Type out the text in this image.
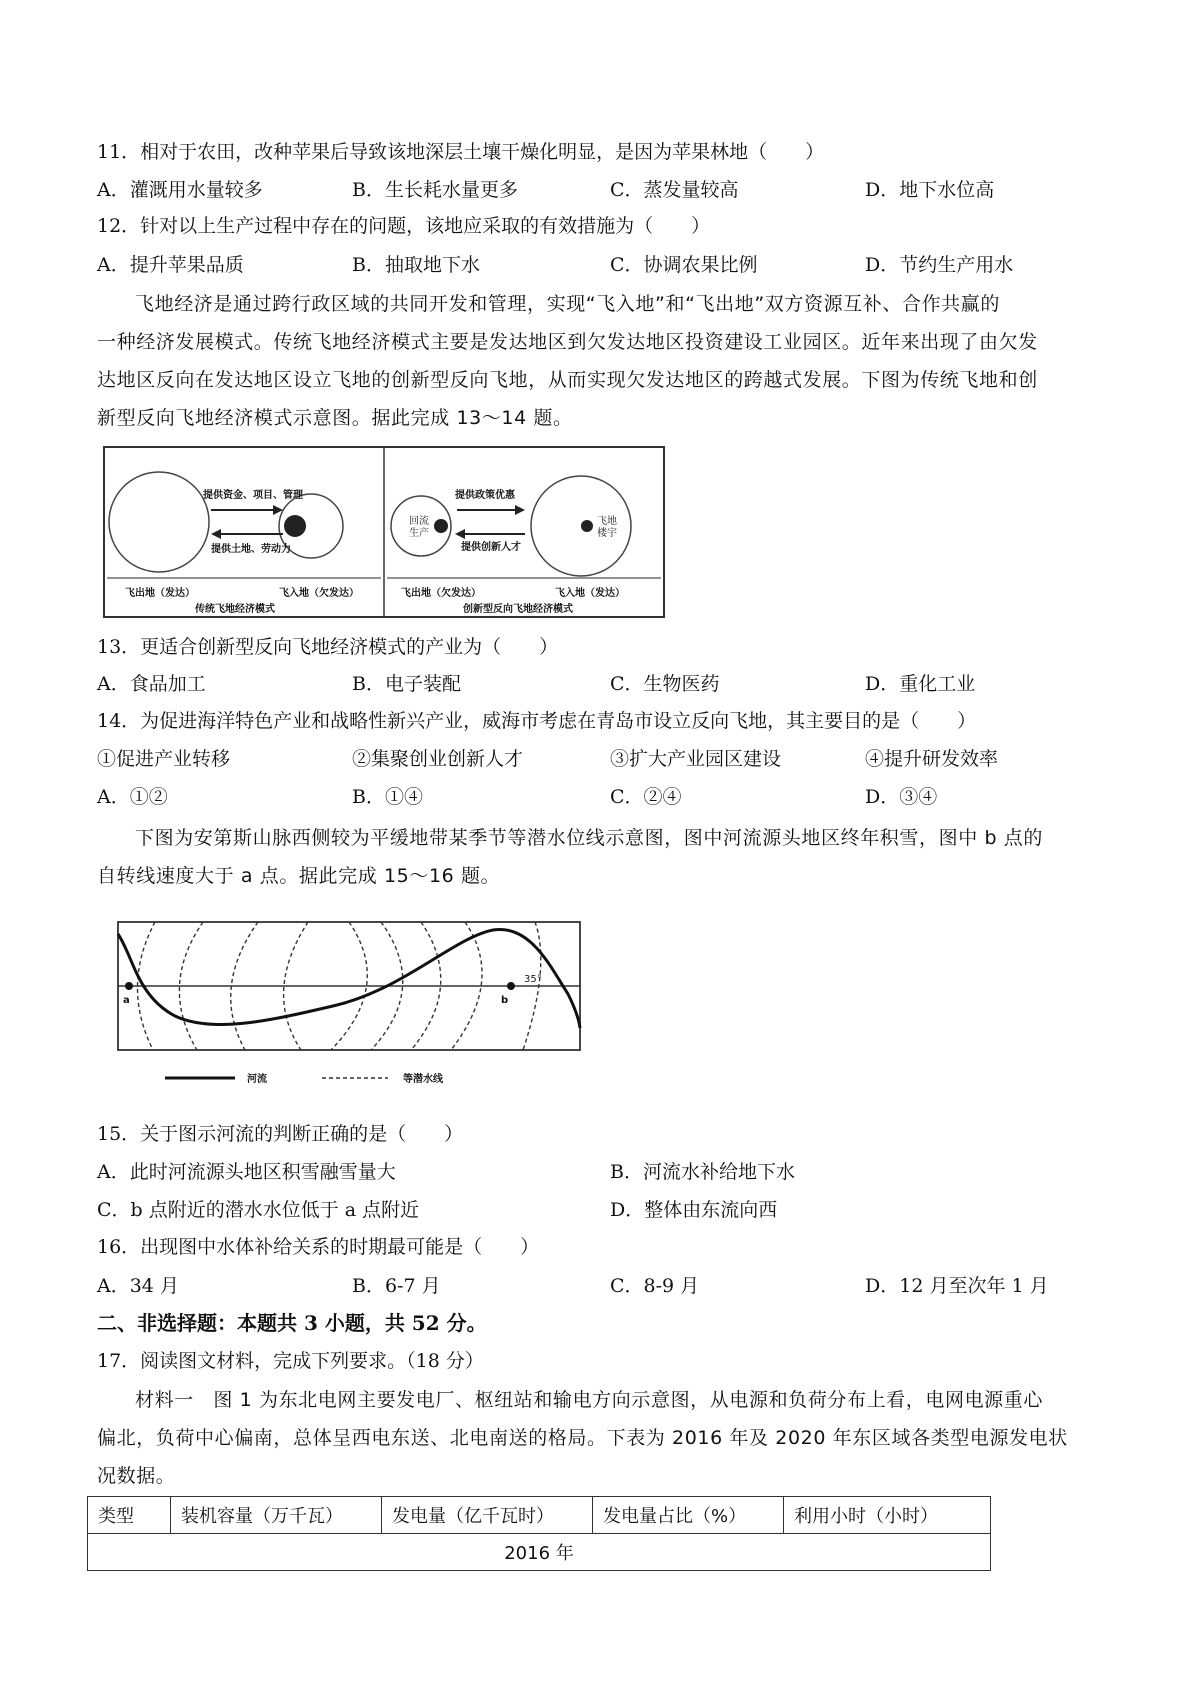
11．相对于农田，改种苹果后导致该地深层土壤干燥化明显，是因为苹果林地（　　）
A．灌溉用水量较多	B．生长耗水量更多	C．蒸发量较高	D．地下水位高
12．针对以上生产过程中存在的问题，该地应采取的有效措施为（　　）
A．提升苹果品质	B．抽取地下水	C．协调农果比例	D．节约生产用水
飞地经济是通过跨行政区域的共同开发和管理，实现“飞入地”和“飞出地”双方资源互补、合作共赢的
一种经济发展模式。传统飞地经济模式主要是发达地区到欠发达地区投资建设工业园区。近年来出现了由欠发
达地区反向在发达地区设立飞地的创新型反向飞地，从而实现欠发达地区的跨越式发展。下图为传统飞地和创
新型反向飞地经济模式示意图。据此完成 13～14 题。
提供资金、项目、管理
提供土地、劳动力
飞出地（发达）	飞入地（欠发达）
传统飞地经济模式
提供政策优惠
提供创新人才
回流
生产
飞地
楼宇
飞出地（欠发达）	飞入地（发达）
创新型反向飞地经济模式
13．更适合创新型反向飞地经济模式的产业为（　　）
A．食品加工	B．电子装配	C．生物医药	D．重化工业
14．为促进海洋特色产业和战略性新兴产业，威海市考虑在青岛市设立反向飞地，其主要目的是（　　）
①促进产业转移	②集聚创业创新人才	③扩大产业园区建设	④提升研发效率
A．①②	B．①④	C．②④	D．③④
下图为安第斯山脉西侧较为平缓地带某季节等潜水位线示意图，图中河流源头地区终年积雪，图中 b 点的
自转线速度大于 a 点。据此完成 15～16 题。
a	b
35°
河流	等潜水线
15．关于图示河流的判断正确的是（　　）
A．此时河流源头地区积雪融雪量大	B．河流水补给地下水
C．b 点附近的潜水水位低于 a 点附近	D．整体由东流向西
16．出现图中水体补给关系的时期最可能是（　　）
A．34 月	B．6-7 月	C．8-9 月	D．12 月至次年 1 月
二、非选择题：本题共 3 小题，共 52 分。
17．阅读图文材料，完成下列要求。（18 分）
材料一　图 1 为东北电网主要发电厂、枢纽站和输电方向示意图，从电源和负荷分布上看，电网电源重心
偏北，负荷中心偏南，总体呈西电东送、北电南送的格局。下表为 2016 年及 2020 年东区域各类型电源发电状
况数据。
类型	装机容量（万千瓦）	发电量（亿千瓦时）	发电量占比（%）	利用小时（小时）
2016 年
